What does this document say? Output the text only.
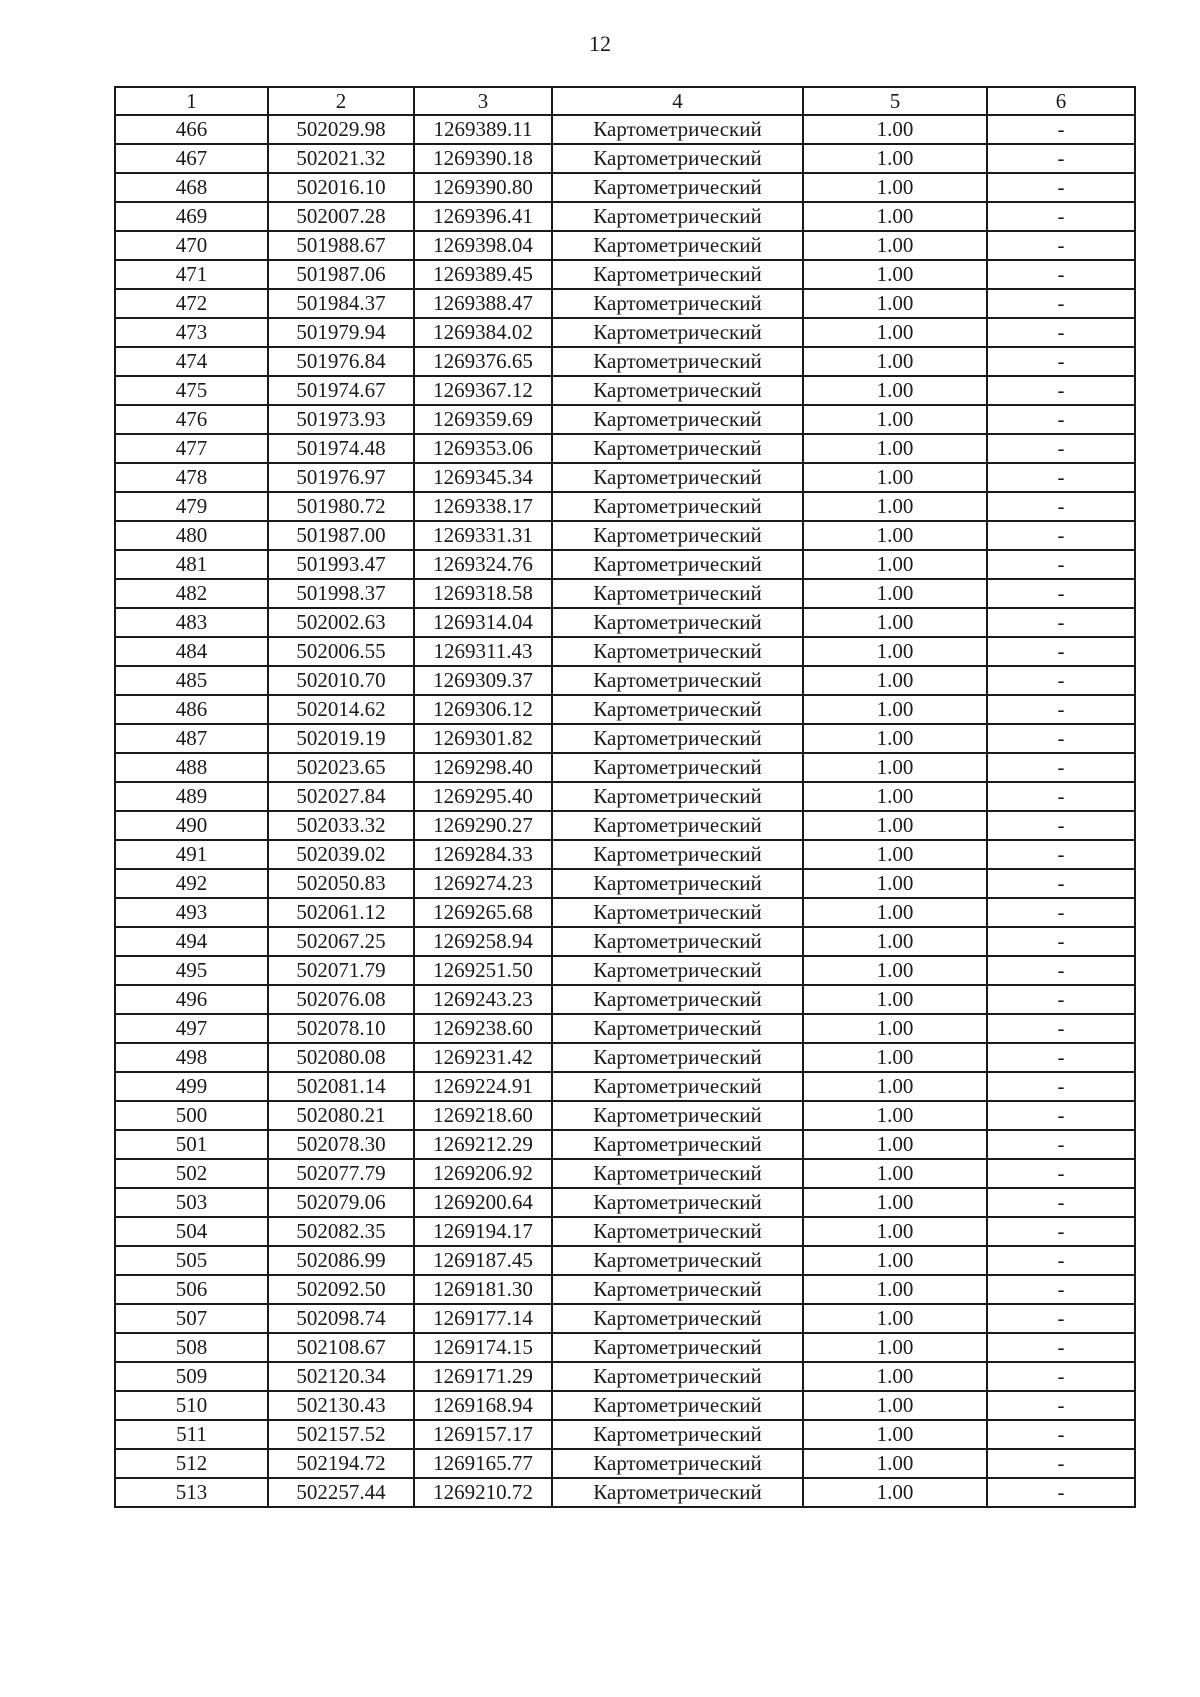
12
1	2	3	4	5	6
466	502029.98	1269389.11	Картометрический	1.00	-
467	502021.32	1269390.18	Картометрический	1.00	-
468	502016.10	1269390.80	Картометрический	1.00	-
469	502007.28	1269396.41	Картометрический	1.00	-
470	501988.67	1269398.04	Картометрический	1.00	-
471	501987.06	1269389.45	Картометрический	1.00	-
472	501984.37	1269388.47	Картометрический	1.00	-
473	501979.94	1269384.02	Картометрический	1.00	-
474	501976.84	1269376.65	Картометрический	1.00	-
475	501974.67	1269367.12	Картометрический	1.00	-
476	501973.93	1269359.69	Картометрический	1.00	-
477	501974.48	1269353.06	Картометрический	1.00	-
478	501976.97	1269345.34	Картометрический	1.00	-
479	501980.72	1269338.17	Картометрический	1.00	-
480	501987.00	1269331.31	Картометрический	1.00	-
481	501993.47	1269324.76	Картометрический	1.00	-
482	501998.37	1269318.58	Картометрический	1.00	-
483	502002.63	1269314.04	Картометрический	1.00	-
484	502006.55	1269311.43	Картометрический	1.00	-
485	502010.70	1269309.37	Картометрический	1.00	-
486	502014.62	1269306.12	Картометрический	1.00	-
487	502019.19	1269301.82	Картометрический	1.00	-
488	502023.65	1269298.40	Картометрический	1.00	-
489	502027.84	1269295.40	Картометрический	1.00	-
490	502033.32	1269290.27	Картометрический	1.00	-
491	502039.02	1269284.33	Картометрический	1.00	-
492	502050.83	1269274.23	Картометрический	1.00	-
493	502061.12	1269265.68	Картометрический	1.00	-
494	502067.25	1269258.94	Картометрический	1.00	-
495	502071.79	1269251.50	Картометрический	1.00	-
496	502076.08	1269243.23	Картометрический	1.00	-
497	502078.10	1269238.60	Картометрический	1.00	-
498	502080.08	1269231.42	Картометрический	1.00	-
499	502081.14	1269224.91	Картометрический	1.00	-
500	502080.21	1269218.60	Картометрический	1.00	-
501	502078.30	1269212.29	Картометрический	1.00	-
502	502077.79	1269206.92	Картометрический	1.00	-
503	502079.06	1269200.64	Картометрический	1.00	-
504	502082.35	1269194.17	Картометрический	1.00	-
505	502086.99	1269187.45	Картометрический	1.00	-
506	502092.50	1269181.30	Картометрический	1.00	-
507	502098.74	1269177.14	Картометрический	1.00	-
508	502108.67	1269174.15	Картометрический	1.00	-
509	502120.34	1269171.29	Картометрический	1.00	-
510	502130.43	1269168.94	Картометрический	1.00	-
511	502157.52	1269157.17	Картометрический	1.00	-
512	502194.72	1269165.77	Картометрический	1.00	-
513	502257.44	1269210.72	Картометрический	1.00	-
